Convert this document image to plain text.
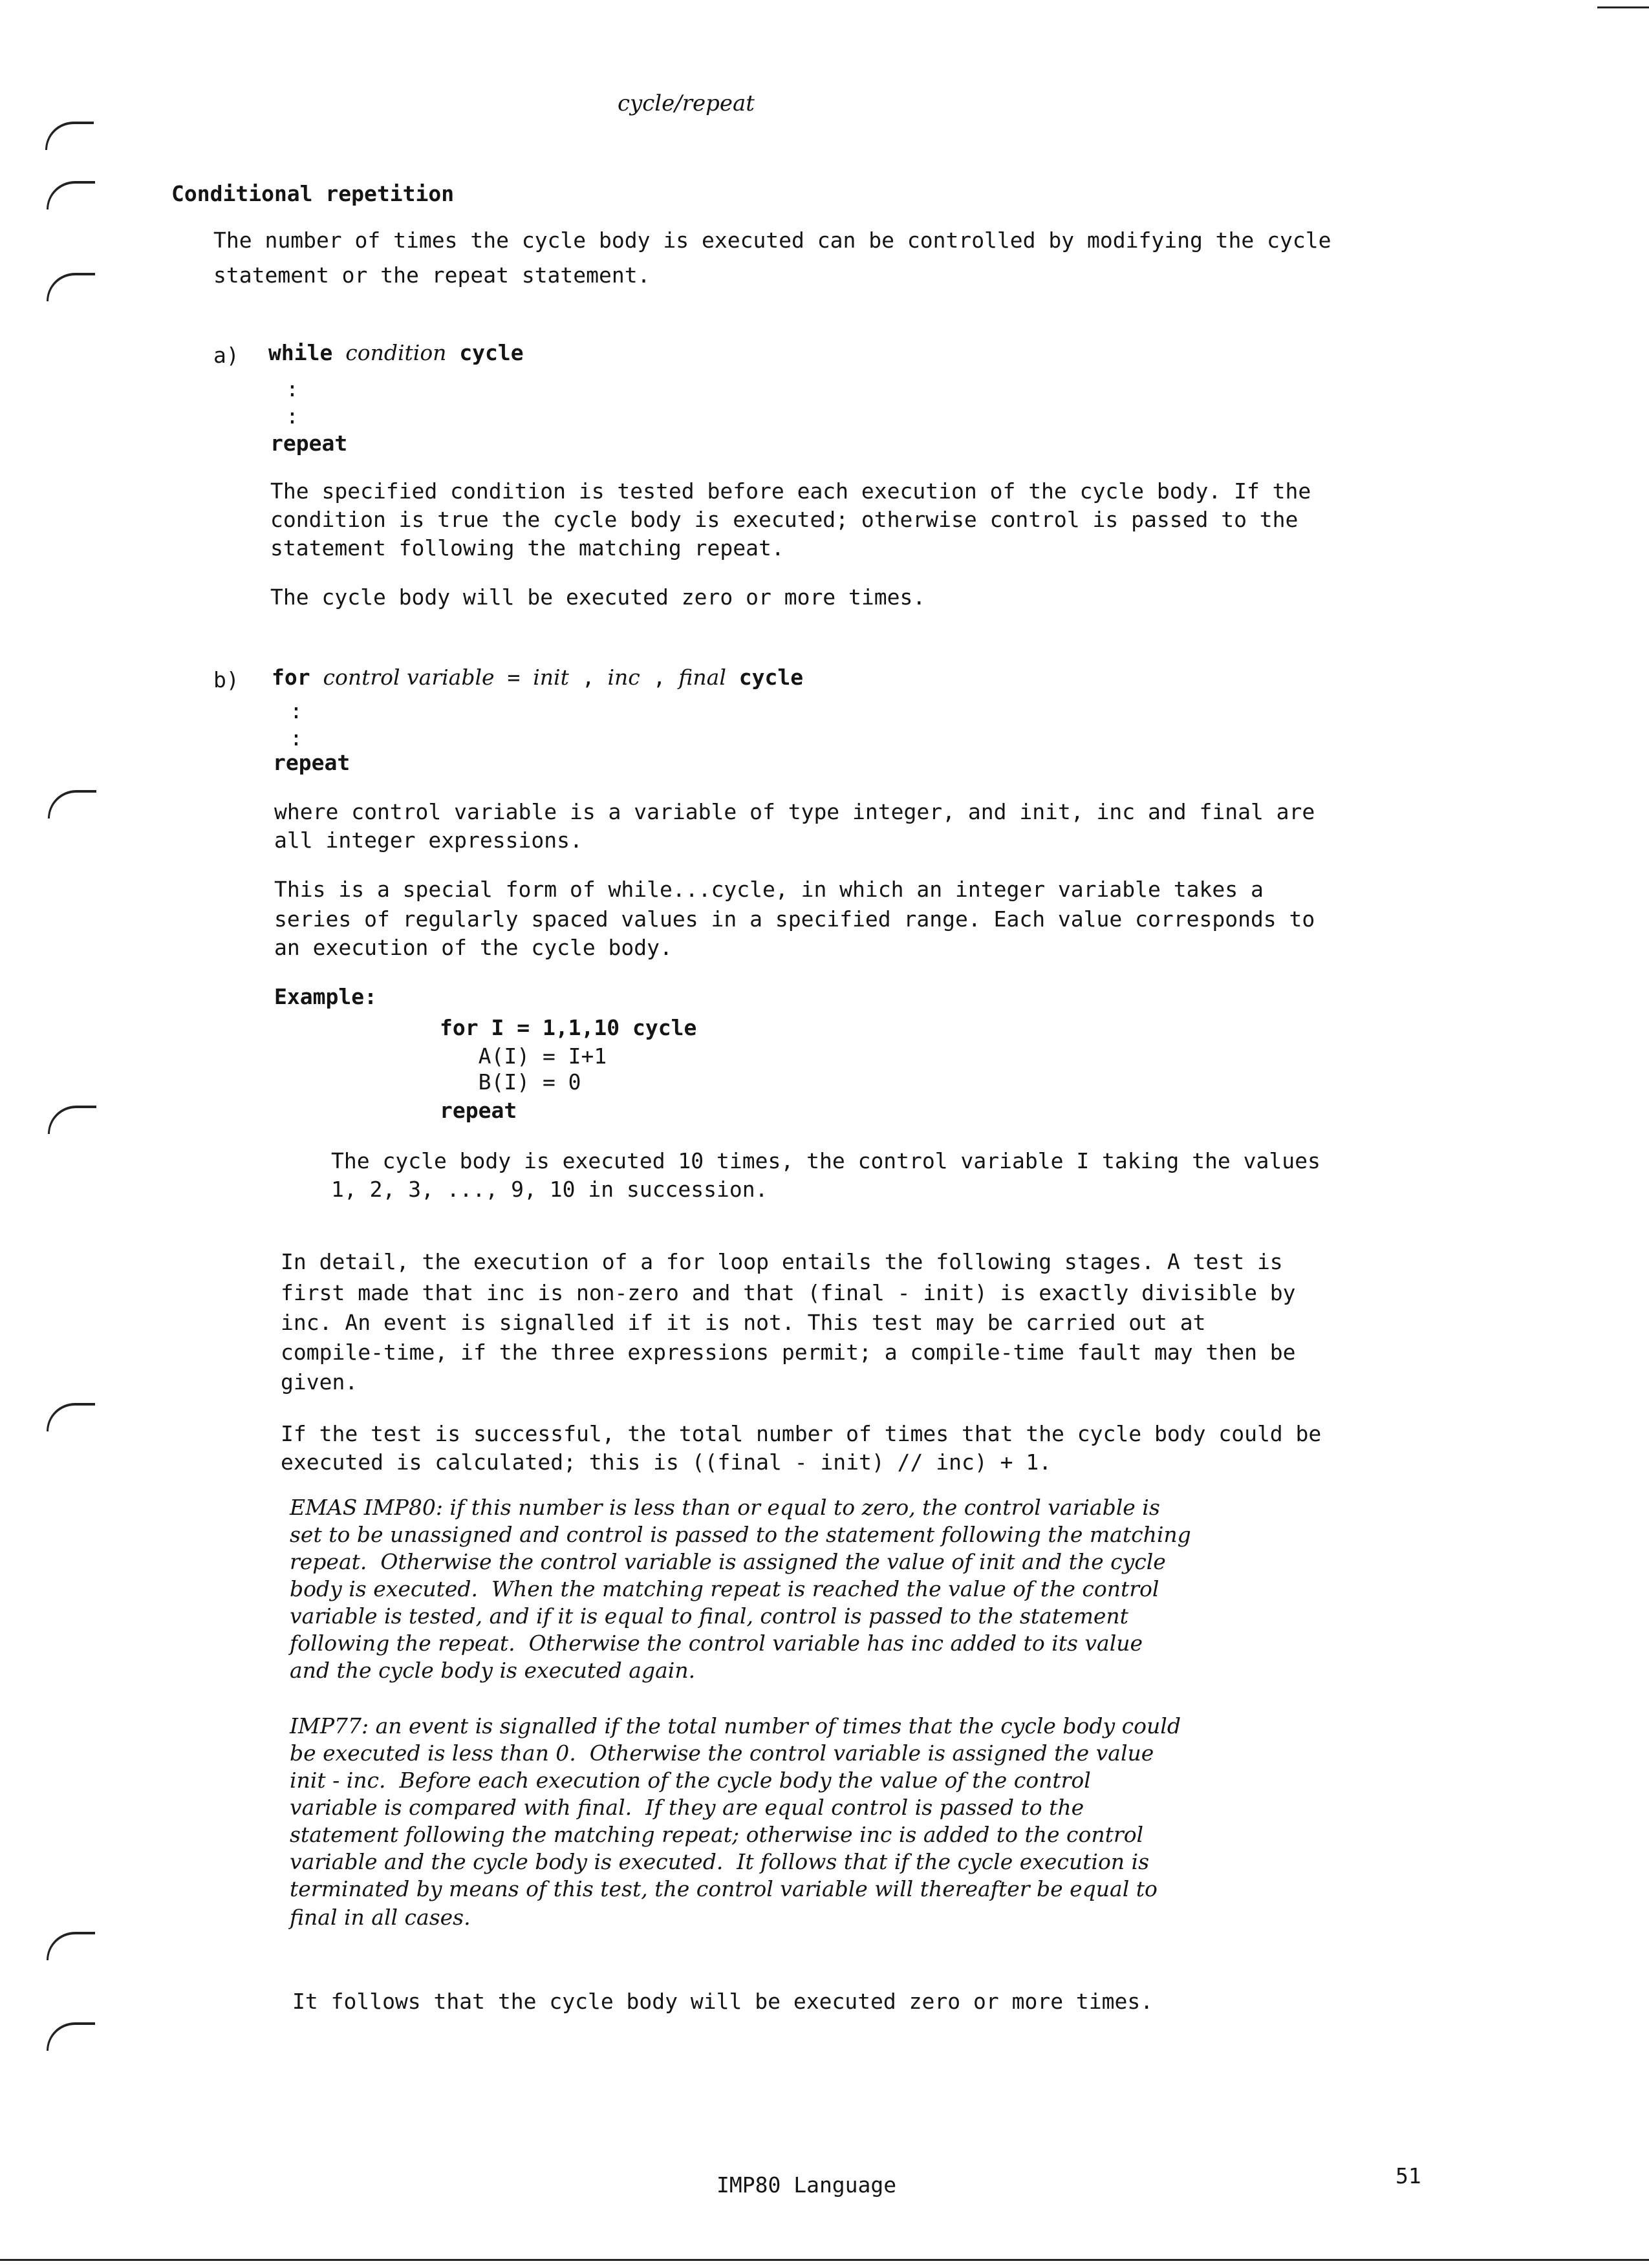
cycle/repeat
Conditional repetition
The number of times the cycle body is executed can be controlled by modifying the cycle
statement or the repeat statement.
a) while condition cycle
:
:
repeat
The specified condition is tested before each execution of the cycle body. If the
condition is true the cycle body is executed; otherwise control is passed to the
statement following the matching repeat.
The cycle body will be executed zero or more times.
b) for control variable = init , inc , final cycle
:
:
repeat
where control variable is a variable of type integer, and init, inc and final are
all integer expressions.
This is a special form of while...cycle, in which an integer variable takes a
series of regularly spaced values in a specified range. Each value corresponds to
an execution of the cycle body.
Example:
for I = 1,1,10 cycle
A(I) = I+1
B(I) = 0
repeat
The cycle body is executed 10 times, the control variable I taking the values
1, 2, 3, ..., 9, 10 in succession.
In detail, the execution of a for loop entails the following stages. A test is
first made that inc is non-zero and that (final - init) is exactly divisible by
inc. An event is signalled if it is not. This test may be carried out at
compile-time, if the three expressions permit; a compile-time fault may then be
given.
If the test is successful, the total number of times that the cycle body could be
executed is calculated; this is ((final - init) // inc) + 1.
EMAS IMP80: if this number is less than or equal to zero, the control variable is
set to be unassigned and control is passed to the statement following the matching
repeat.  Otherwise the control variable is assigned the value of init and the cycle
body is executed.  When the matching repeat is reached the value of the control
variable is tested, and if it is equal to final, control is passed to the statement
following the repeat.  Otherwise the control variable has inc added to its value
and the cycle body is executed again.
IMP77: an event is signalled if the total number of times that the cycle body could
be executed is less than 0.  Otherwise the control variable is assigned the value
init - inc.  Before each execution of the cycle body the value of the control
variable is compared with final.  If they are equal control is passed to the
statement following the matching repeat; otherwise inc is added to the control
variable and the cycle body is executed.  It follows that if the cycle execution is
terminated by means of this test, the control variable will thereafter be equal to
final in all cases.
It follows that the cycle body will be executed zero or more times.
IMP80 Language	51
